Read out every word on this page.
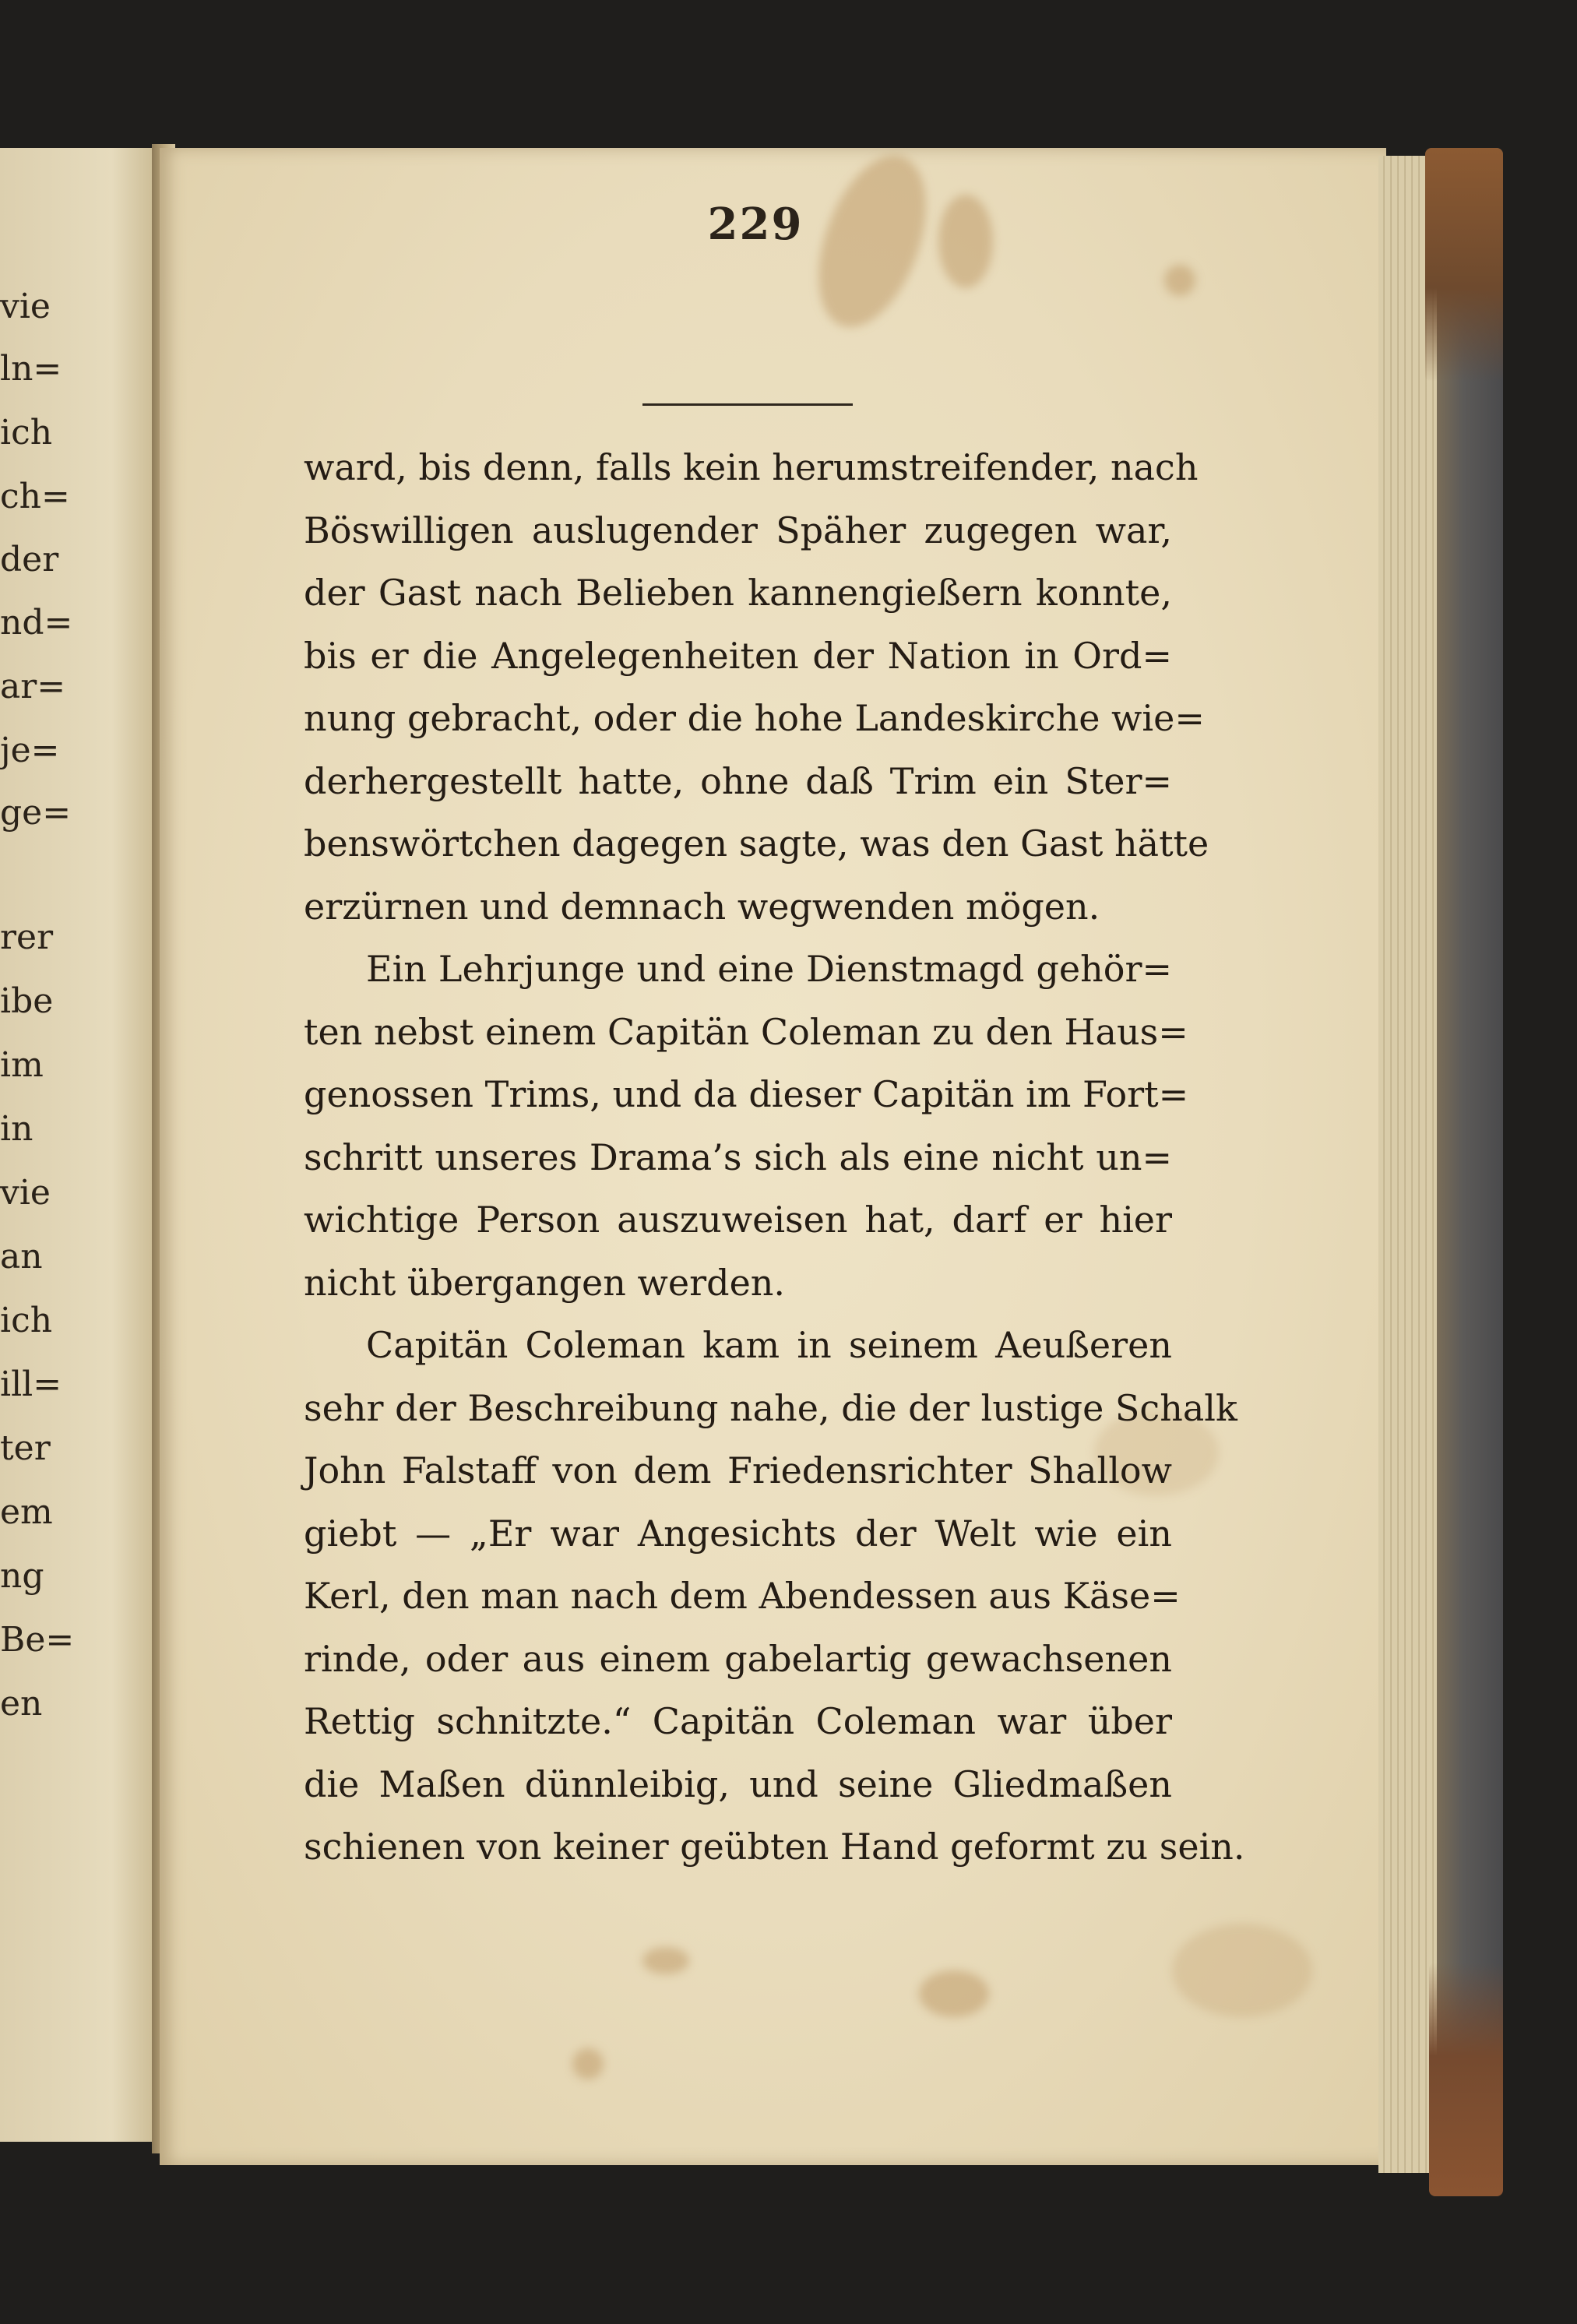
vie
ln=
ich
ch=
der
nd=
ar=
je=
ge=
rer
ibe
im
in
vie
an
ich
ill=
ter
em
ng
Be=
en
229
ward, bis denn, falls kein herumstreifender, nach
Böswilligen auslugender Späher zugegen war,
der Gast nach Belieben kannengießern konnte,
bis er die Angelegenheiten der Nation in Ord=
nung gebracht, oder die hohe Landeskirche wie=
derhergestellt hatte, ohne daß Trim ein Ster=
benswörtchen dagegen sagte, was den Gast hätte
erzürnen und demnach wegwenden mögen.
Ein Lehrjunge und eine Dienstmagd gehör=
ten nebst einem Capitän Coleman zu den Haus=
genossen Trims, und da dieser Capitän im Fort=
schritt unseres Drama’s sich als eine nicht un=
wichtige Person auszuweisen hat, darf er hier
nicht übergangen werden.
Capitän Coleman kam in seinem Aeußeren
sehr der Beschreibung nahe, die der lustige Schalk
John Falstaff von dem Friedensrichter Shallow
giebt — „Er war Angesichts der Welt wie ein
Kerl, den man nach dem Abendessen aus Käse=
rinde, oder aus einem gabelartig gewachsenen
Rettig schnitzte.“ Capitän Coleman war über
die Maßen dünnleibig, und seine Gliedmaßen
schienen von keiner geübten Hand geformt zu sein.
